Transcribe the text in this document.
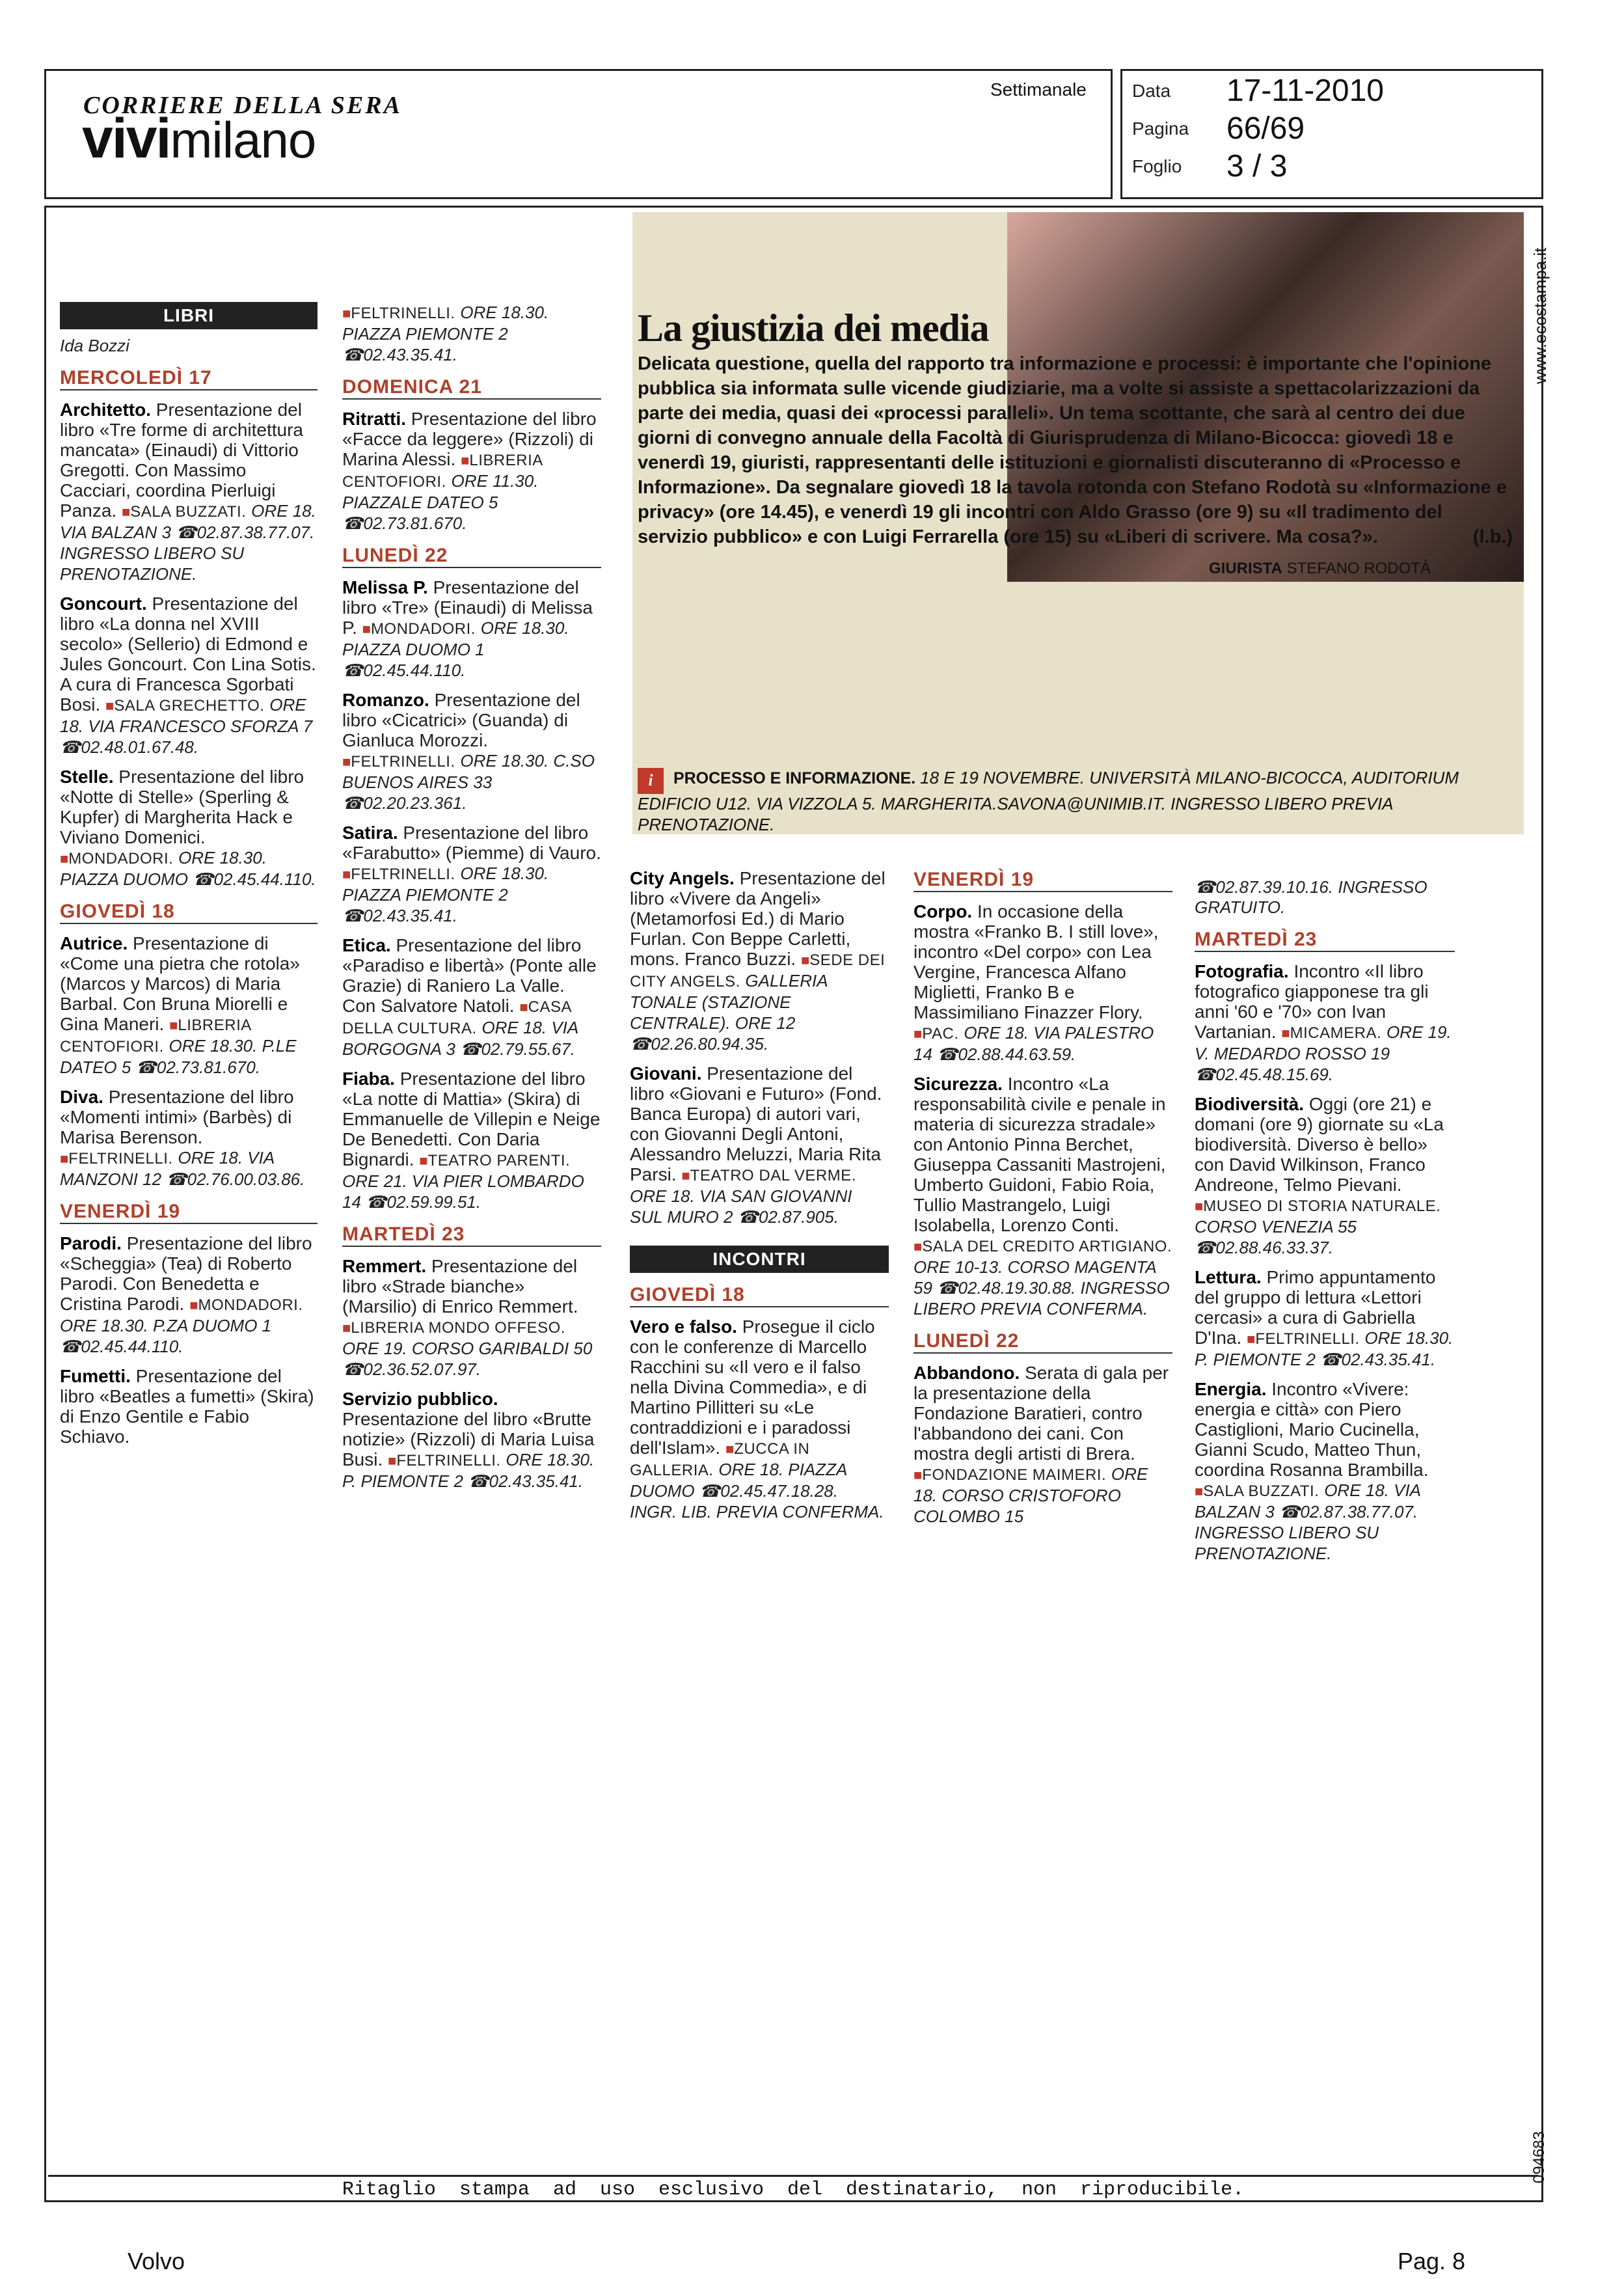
CORRIERE DELLA SERA
vivimilano
Settimanale	Data 17-11-2010
Pagina 66/69
Foglio 3 / 3
www.ecostampa.it
094683
LIBRI

Ida Bozzi

MERCOLEDÌ 17

Architetto. Presentazione del libro «Tre forme di architettura mancata» (Einaudi) di Vittorio Gregotti. Con Massimo Cacciari, coordina Pierluigi Panza. ■SALA BUZZATI. ORE 18. VIA BALZAN 3 ☎02.87.38.77.07. INGRESSO LIBERO SU PRENOTAZIONE.

Goncourt. Presentazione del libro «La donna nel XVIII secolo» (Sellerio) di Edmond e Jules Goncourt. Con Lina Sotis. A cura di Francesca Sgorbati Bosi. ■SALA GRECHETTO. ORE 18. VIA FRANCESCO SFORZA 7 ☎02.48.01.67.48.

Stelle. Presentazione del libro «Notte di Stelle» (Sperling & Kupfer) di Margherita Hack e Viviano Domenici. ■MONDADORI. ORE 18.30. PIAZZA DUOMO ☎02.45.44.110.

GIOVEDÌ 18

Autrice. Presentazione di «Come una pietra che rotola» (Marcos y Marcos) di Maria Barbal. Con Bruna Miorelli e Gina Maneri. ■LIBRERIA CENTOFIORI. ORE 18.30. P.LE DATEO 5 ☎02.73.81.670.

Diva. Presentazione del libro «Momenti intimi» (Barbès) di Marisa Berenson. ■FELTRINELLI. ORE 18. VIA MANZONI 12 ☎02.76.00.03.86.

VENERDÌ 19

Parodi. Presentazione del libro «Scheggia» (Tea) di Roberto Parodi. Con Benedetta e Cristina Parodi. ■MONDADORI. ORE 18.30. P.ZA DUOMO 1 ☎02.45.44.110.

Fumetti. Presentazione del libro «Beatles a fumetti» (Skira) di Enzo Gentile e Fabio Schiavo.

■FELTRINELLI. ORE 18.30. PIAZZA PIEMONTE 2 ☎02.43.35.41.

DOMENICA 21

Ritratti. Presentazione del libro «Facce da leggere» (Rizzoli) di Marina Alessi. ■LIBRERIA CENTOFIORI. ORE 11.30. PIAZZALE DATEO 5 ☎02.73.81.670.

LUNEDÌ 22

Melissa P. Presentazione del libro «Tre» (Einaudi) di Melissa P. ■MONDADORI. ORE 18.30. PIAZZA DUOMO 1 ☎02.45.44.110.

Romanzo. Presentazione del libro «Cicatrici» (Guanda) di Gianluca Morozzi. ■FELTRINELLI. ORE 18.30. C.SO BUENOS AIRES 33 ☎02.20.23.361.

Satira. Presentazione del libro «Farabutto» (Piemme) di Vauro. ■FELTRINELLI. ORE 18.30. PIAZZA PIEMONTE 2 ☎02.43.35.41.

Etica. Presentazione del libro «Paradiso e libertà» (Ponte alle Grazie) di Raniero La Valle. Con Salvatore Natoli. ■CASA DELLA CULTURA. ORE 18. VIA BORGOGNA 3 ☎02.79.55.67.

Fiaba. Presentazione del libro «La notte di Mattia» (Skira) di Emmanuelle de Villepin e Neige De Benedetti. Con Daria Bignardi. ■TEATRO PARENTI. ORE 21. VIA PIER LOMBARDO 14 ☎02.59.99.51.

MARTEDÌ 23

Remmert. Presentazione del libro «Strade bianche» (Marsilio) di Enrico Remmert. ■LIBRERIA MONDO OFFESO. ORE 19. CORSO GARIBALDI 50 ☎02.36.52.07.97.

Servizio pubblico. Presentazione del libro «Brutte notizie» (Rizzoli) di Maria Luisa Busi. ■FELTRINELLI. ORE 18.30. P. PIEMONTE 2 ☎02.43.35.41.

La giustizia dei media
Delicata questione, quella del rapporto tra informazione e processi: è importante che l'opinione pubblica sia informata sulle vicende giudiziarie, ma a volte si assiste a spettacolarizzazioni da parte dei media, quasi dei «processi paralleli». Un tema scottante, che sarà al centro dei due giorni di convegno annuale della Facoltà di Giurisprudenza di Milano-Bicocca: giovedì 18 e venerdì 19, giuristi, rappresentanti delle istituzioni e giornalisti discuteranno di «Processo e Informazione». Da segnalare giovedì 18 la tavola rotonda con Stefano Rodotà su «Informazione e privacy» (ore 14.45), e venerdì 19 gli incontri con Aldo Grasso (ore 9) su «Il tradimento del servizio pubblico» e con Luigi Ferrarella (ore 15) su «Liberi di scrivere. Ma cosa?».	(l.b.)
GIURISTA STEFANO RODOTÀ
i PROCESSO E INFORMAZIONE. 18 E 19 NOVEMBRE. UNIVERSITÀ MILANO-BICOCCA, AUDITORIUM EDIFICIO U12. VIA VIZZOLA 5. MARGHERITA.SAVONA@UNIMIB.IT. INGRESSO LIBERO PREVIA PRENOTAZIONE.

City Angels. Presentazione del libro «Vivere da Angeli» (Metamorfosi Ed.) di Mario Furlan. Con Beppe Carletti, mons. Franco Buzzi. ■SEDE DEI CITY ANGELS. GALLERIA TONALE (STAZIONE CENTRALE). ORE 12 ☎02.26.80.94.35.

Giovani. Presentazione del libro «Giovani e Futuro» (Fond. Banca Europa) di autori vari, con Giovanni Degli Antoni, Alessandro Meluzzi, Maria Rita Parsi. ■TEATRO DAL VERME. ORE 18. VIA SAN GIOVANNI SUL MURO 2 ☎02.87.905.

INCONTRI
GIOVEDÌ 18

Vero e falso. Prosegue il ciclo con le conferenze di Marcello Racchini su «Il vero e il falso nella Divina Commedia», e di Martino Pillitteri su «Le contraddizioni e i paradossi dell'Islam». ■ZUCCA IN GALLERIA. ORE 18. PIAZZA DUOMO ☎02.45.47.18.28. INGR. LIB. PREVIA CONFERMA.

VENERDÌ 19

Corpo. In occasione della mostra «Franko B. I still love», incontro «Del corpo» con Lea Vergine, Francesca Alfano Miglietti, Franko B e Massimiliano Finazzer Flory. ■PAC. ORE 18. VIA PALESTRO 14 ☎02.88.44.63.59.

Sicurezza. Incontro «La responsabilità civile e penale in materia di sicurezza stradale» con Antonio Pinna Berchet, Giuseppa Cassaniti Mastrojeni, Umberto Guidoni, Fabio Roia, Tullio Mastrangelo, Luigi Isolabella, Lorenzo Conti. ■SALA DEL CREDITO ARTIGIANO. ORE 10-13. CORSO MAGENTA 59 ☎02.48.19.30.88. INGRESSO LIBERO PREVIA CONFERMA.

LUNEDÌ 22

Abbandono. Serata di gala per la presentazione della Fondazione Baratieri, contro l'abbandono dei cani. Con mostra degli artisti di Brera. ■FONDAZIONE MAIMERI. ORE 18. CORSO CRISTOFORO COLOMBO 15

☎02.87.39.10.16. INGRESSO GRATUITO.

MARTEDÌ 23

Fotografia. Incontro «Il libro fotografico giapponese tra gli anni '60 e '70» con Ivan Vartanian. ■MICAMERA. ORE 19. V. MEDARDO ROSSO 19 ☎02.45.48.15.69.

Biodiversità. Oggi (ore 21) e domani (ore 9) giornate su «La biodiversità. Diverso è bello» con David Wilkinson, Franco Andreone, Telmo Pievani. ■MUSEO DI STORIA NATURALE. CORSO VENEZIA 55 ☎02.88.46.33.37.

Lettura. Primo appuntamento del gruppo di lettura «Lettori cercasi» a cura di Gabriella D'Ina. ■FELTRINELLI. ORE 18.30. P. PIEMONTE 2 ☎02.43.35.41.

Energia. Incontro «Vivere: energia e città» con Piero Castiglioni, Mario Cucinella, Gianni Scudo, Matteo Thun, coordina Rosanna Brambilla. ■SALA BUZZATI. ORE 18. VIA BALZAN 3 ☎02.87.38.77.07. INGRESSO LIBERO SU PRENOTAZIONE.

Ritaglio stampa ad uso esclusivo del destinatario, non riproducibile.
Volvo	Pag. 8
